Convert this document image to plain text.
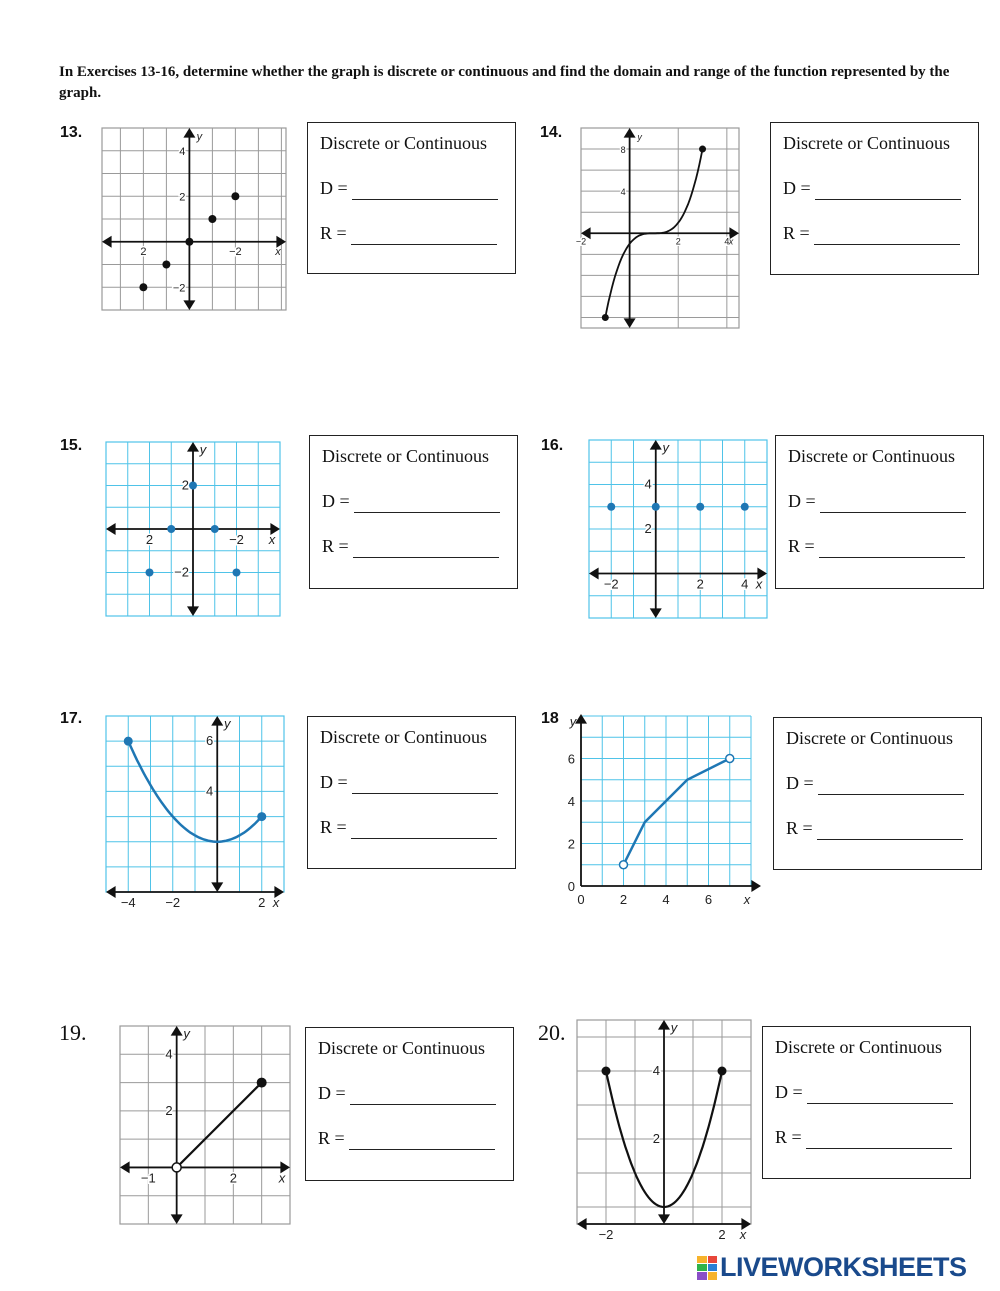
In Exercises 13-16, determine whether the graph is discrete or continuous and find the domain and range of the function represented by the graph.
13.	14.
15.	16.
17.	18
19.	20.
Discrete or Continuous
D =
R =
Discrete or Continuous
D =
R =
Discrete or Continuous
D =
R =
Discrete or Continuous
D =
R =
Discrete or Continuous
D =
R =
Discrete or Continuous
D =
R =
Discrete or Continuous
D =
R =
Discrete or Continuous
D =
R =
4
2
−2
2	−2	x
y
8
4
−2	2	4 x
y
2
−2
2	−2 x
y
4
2
−2	2	4 x
y
6
4
−4 −2	2 x
y
6
4
2
0
0	2	4	6 x
y
4
2
−1	2	x
y
4
2
−2	2 x
y
LIVEWORKSHEETS
